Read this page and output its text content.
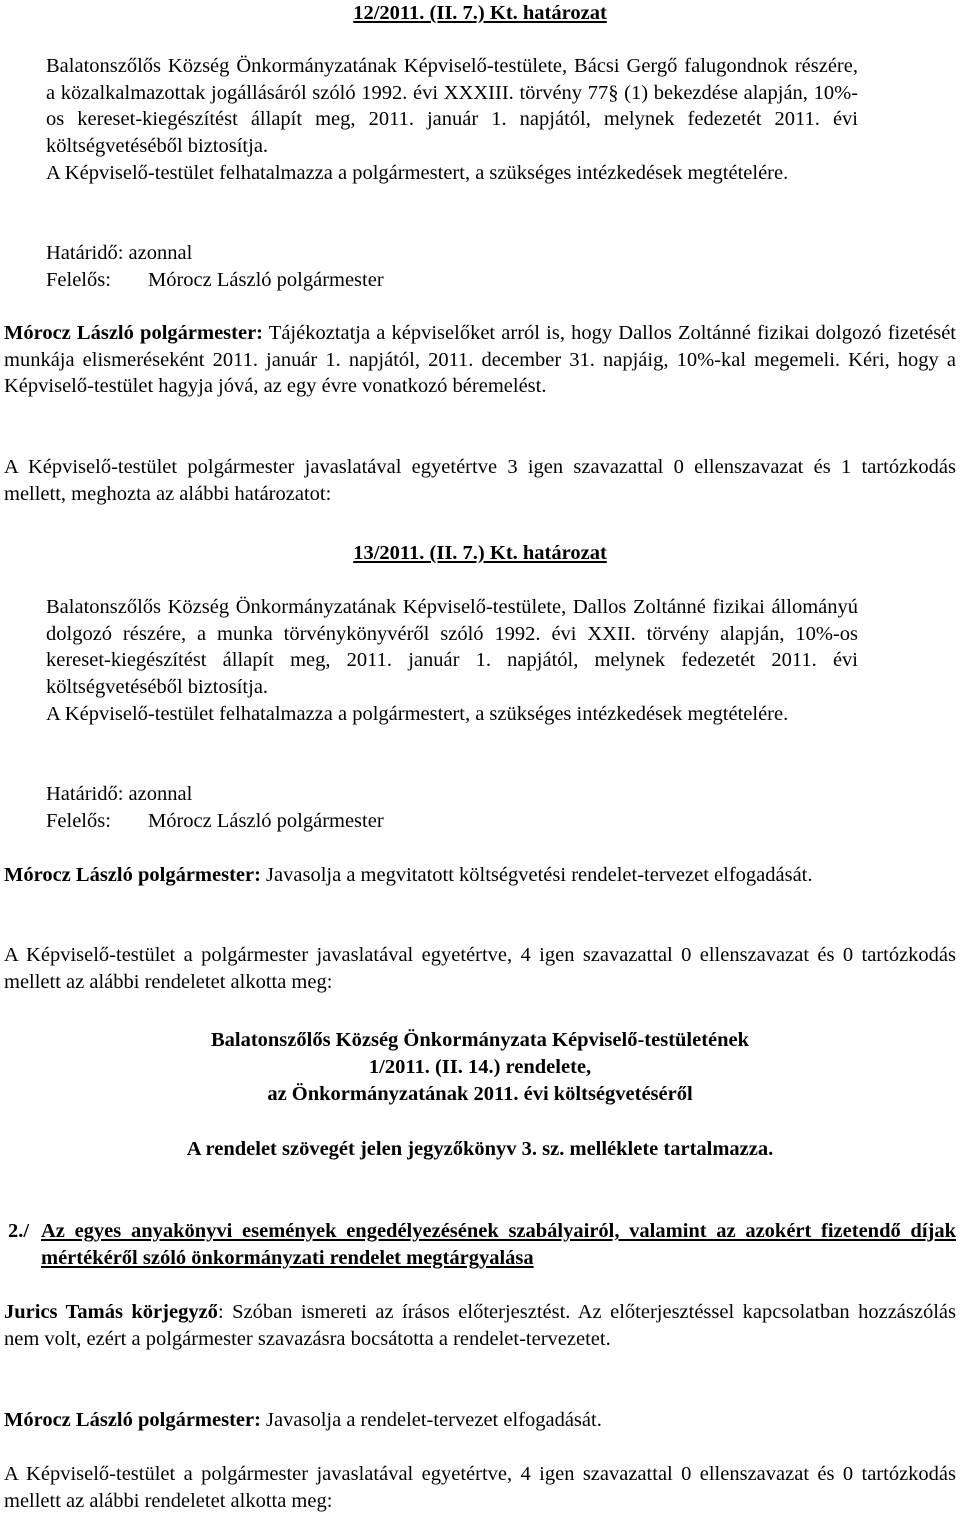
12/2011. (II. 7.) Kt. határozat

Balatonszőlős Község Önkormányzatának Képviselő-testülete, Bácsi Gergő falugondnok részére, a közalkalmazottak jogállásáról szóló 1992. évi XXXIII. törvény 77§ (1) bekezdése alapján, 10%-os kereset-kiegészítést állapít meg, 2011. január 1. napjától, melynek fedezetét 2011. évi költségvetéséből biztosítja.

A Képviselő-testület felhatalmazza a polgármestert, a szükséges intézkedések megtételére.

Határidő: azonnal
Felelős: Mórocz László polgármester

Mórocz László polgármester: Tájékoztatja a képviselőket arról is, hogy Dallos Zoltánné fizikai dolgozó fizetését munkája elismeréseként 2011. január 1. napjától, 2011. december 31. napjáig, 10%-kal megemeli. Kéri, hogy a Képviselő-testület hagyja jóvá, az egy évre vonatkozó béremelést.

A Képviselő-testület polgármester javaslatával egyetértve 3 igen szavazattal 0 ellenszavazat és 1 tartózkodás mellett, meghozta az alábbi határozatot:

13/2011. (II. 7.) Kt. határozat

Balatonszőlős Község Önkormányzatának Képviselő-testülete, Dallos Zoltánné fizikai állományú dolgozó részére, a munka törvénykönyvéről szóló 1992. évi XXII. törvény alapján, 10%-os kereset-kiegészítést állapít meg, 2011. január 1. napjától, melynek fedezetét 2011. évi költségvetéséből biztosítja.

A Képviselő-testület felhatalmazza a polgármestert, a szükséges intézkedések megtételére.

Határidő: azonnal
Felelős: Mórocz László polgármester

Mórocz László polgármester: Javasolja a megvitatott költségvetési rendelet-tervezet elfogadását.

A Képviselő-testület a polgármester javaslatával egyetértve, 4 igen szavazattal 0 ellenszavazat és 0 tartózkodás mellett az alábbi rendeletet alkotta meg:

Balatonszőlős Község Önkormányzata Képviselő-testületének
1/2011. (II. 14.) rendelete,
az Önkormányzatának 2011. évi költségvetéséről
A rendelet szövegét jelen jegyzőkönyv 3. sz. melléklete tartalmazza.
2./ Az egyes anyakönyvi események engedélyezésének szabályairól, valamint az azokért fizetendő díjak mértékéről szóló önkormányzati rendelet megtárgyalása

Jurics Tamás körjegyző: Szóban ismereti az írásos előterjesztést. Az előterjesztéssel kapcsolatban hozzászólás nem volt, ezért a polgármester szavazásra bocsátotta a rendelet-tervezetet.

Mórocz László polgármester: Javasolja a rendelet-tervezet elfogadását.

A Képviselő-testület a polgármester javaslatával egyetértve, 4 igen szavazattal 0 ellenszavazat és 0 tartózkodás mellett az alábbi rendeletet alkotta meg:
